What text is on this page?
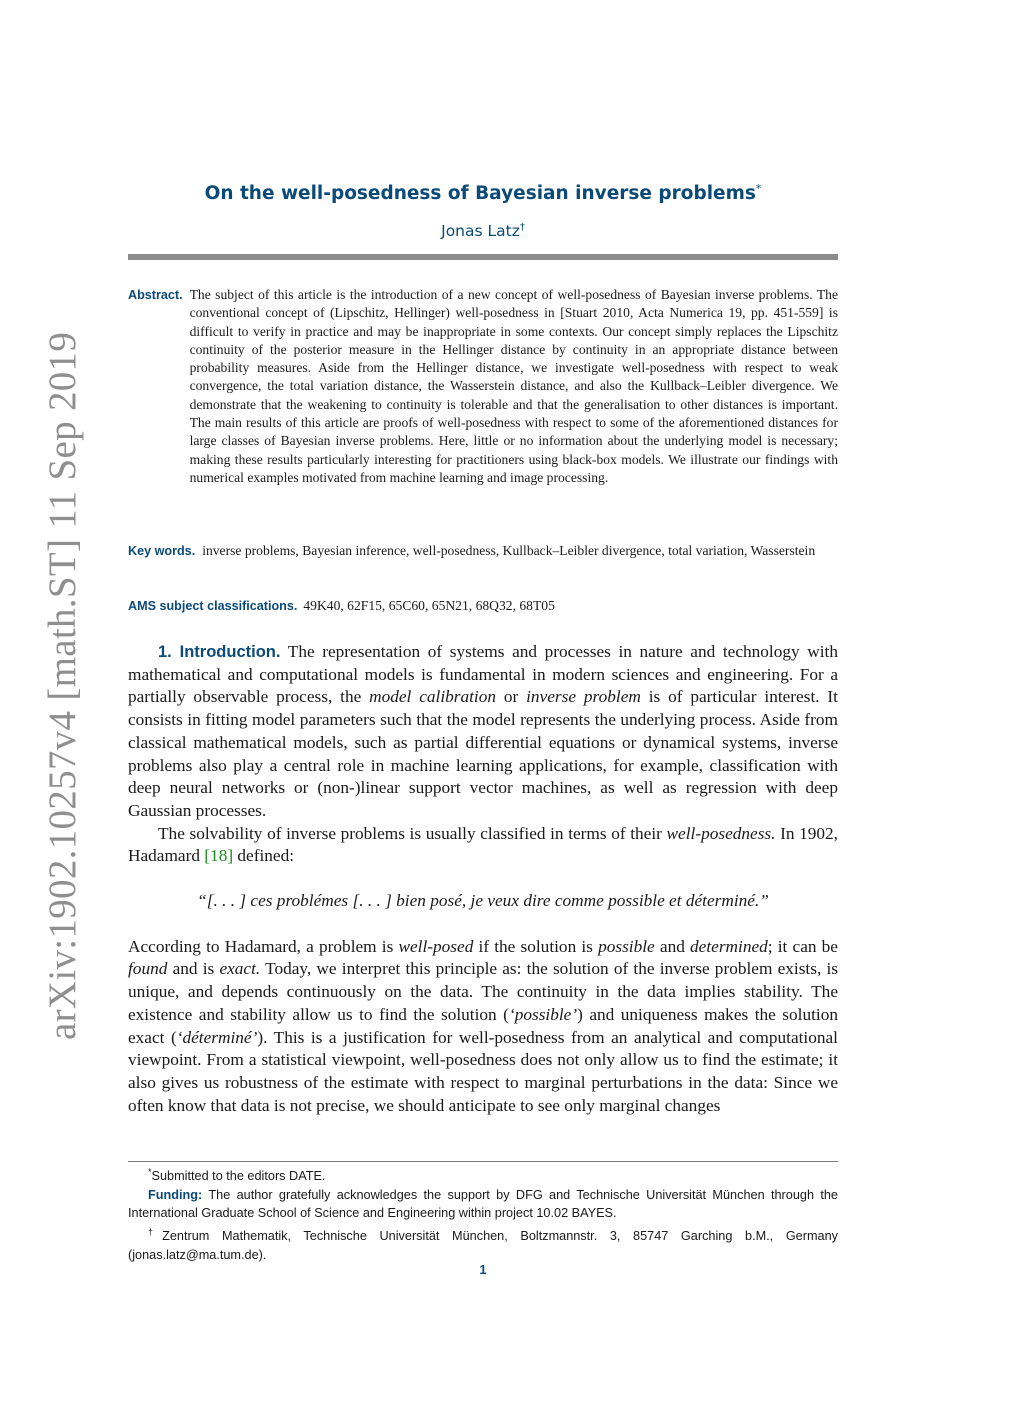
arXiv:1902.10257v4 [math.ST] 11 Sep 2019
On the well-posedness of Bayesian inverse problems*
Jonas Latz†
Abstract. The subject of this article is the introduction of a new concept of well-posedness of Bayesian inverse problems. The conventional concept of (Lipschitz, Hellinger) well-posedness in [Stuart 2010, Acta Numerica 19, pp. 451-559] is difficult to verify in practice and may be inappropriate in some contexts. Our concept simply replaces the Lipschitz continuity of the posterior measure in the Hellinger distance by continuity in an appropriate distance between probability measures. Aside from the Hellinger distance, we investigate well-posedness with respect to weak convergence, the total variation distance, the Wasserstein distance, and also the Kullback–Leibler divergence. We demonstrate that the weakening to continuity is tolerable and that the generalisation to other distances is important. The main results of this article are proofs of well-posedness with respect to some of the aforementioned distances for large classes of Bayesian inverse problems. Here, little or no information about the underlying model is necessary; making these results particularly interesting for practitioners using black-box models. We illustrate our findings with numerical examples motivated from machine learning and image processing.
Key words. inverse problems, Bayesian inference, well-posedness, Kullback–Leibler divergence, total variation, Wasserstein
AMS subject classifications. 49K40, 62F15, 65C60, 65N21, 68Q32, 68T05

1. Introduction. The representation of systems and processes in nature and technology with mathematical and computational models is fundamental in modern sciences and engineering. For a partially observable process, the model calibration or inverse problem is of particular interest. It consists in fitting model parameters such that the model represents the underlying process. Aside from classical mathematical models, such as partial differential equations or dynamical systems, inverse problems also play a central role in machine learning applications, for example, classification with deep neural networks or (non-)linear support vector machines, as well as regression with deep Gaussian processes.

The solvability of inverse problems is usually classified in terms of their well-posedness. In 1902, Hadamard [18] defined:

“[. . . ] ces problémes [. . . ] bien posé, je veux dire comme possible et déterminé.”

According to Hadamard, a problem is well-posed if the solution is possible and determined; it can be found and is exact. Today, we interpret this principle as: the solution of the inverse problem exists, is unique, and depends continuously on the data. The continuity in the data implies stability. The existence and stability allow us to find the solution (‘possible’) and uniqueness makes the solution exact (‘déterminé’). This is a justification for well-posedness from an analytical and computational viewpoint. From a statistical viewpoint, well-posedness does not only allow us to find the estimate; it also gives us robustness of the estimate with respect to marginal perturbations in the data: Since we often know that data is not precise, we should anticipate to see only marginal changes

*Submitted to the editors DATE.

Funding: The author gratefully acknowledges the support by DFG and Technische Universität München through the International Graduate School of Science and Engineering within project 10.02 BAYES.

†Zentrum Mathematik, Technische Universität München, Boltzmannstr. 3, 85747 Garching b.M., Germany (jonas.latz@ma.tum.de).

1
